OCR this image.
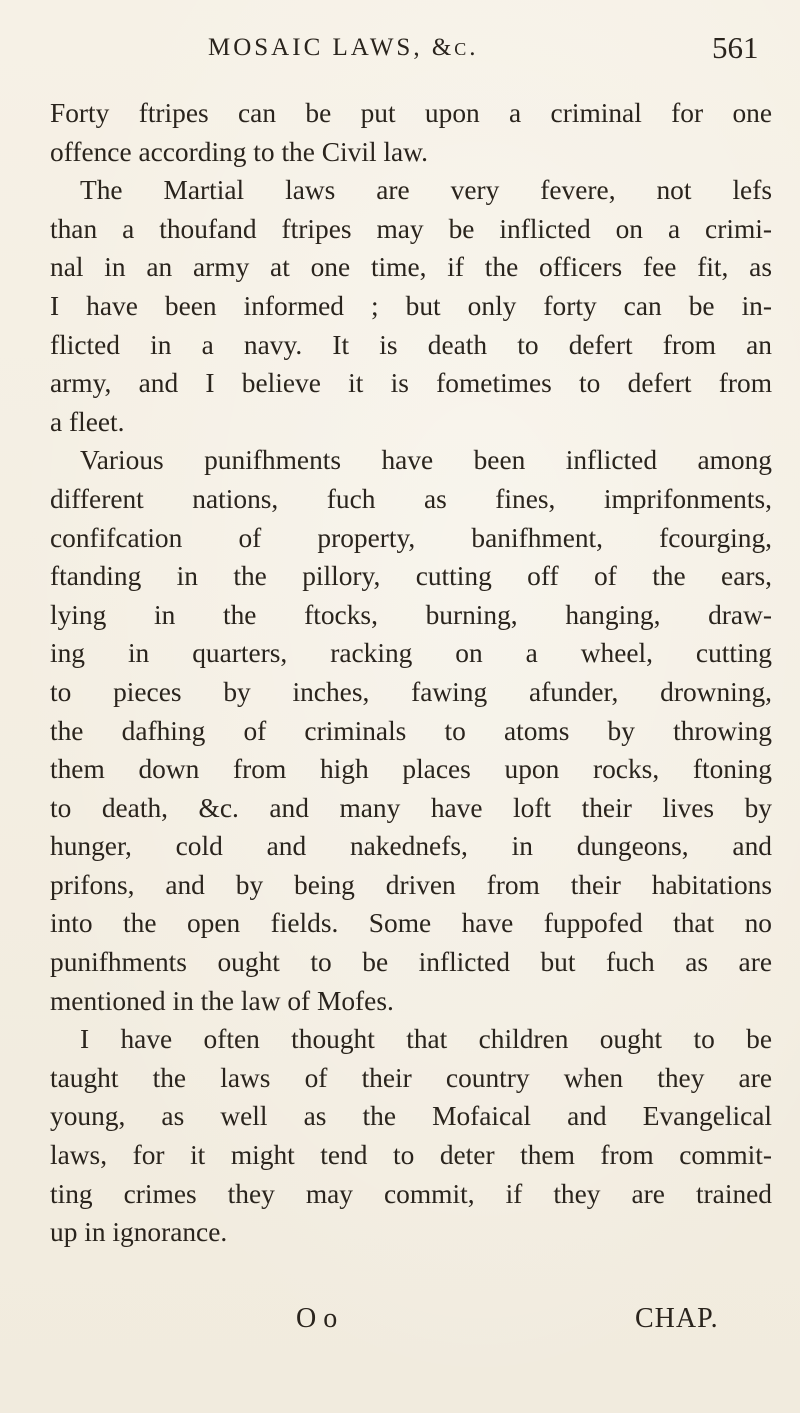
MOSAIC LAWS, &c.	561
Forty ftripes can be put upon a criminal for one
offence according to the Civil law.
The Martial laws are very fevere, not lefs
than a thoufand ftripes may be inflicted on a crimi-
nal in an army at one time, if the officers fee fit, as
I have been informed ; but only forty can be in-
flicted in a navy. It is death to defert from an
army, and I believe it is fometimes to defert from
a fleet.
Various punifhments have been inflicted among
different nations, fuch as fines, imprifonments,
confifcation of property, banifhment, fcourging,
ftanding in the pillory, cutting off of the ears,
lying in the ftocks, burning, hanging, draw-
ing in quarters, racking on a wheel, cutting
to pieces by inches, fawing afunder, drowning,
the dafhing of criminals to atoms by throwing
them down from high places upon rocks, ftoning
to death, &c. and many have loft their lives by
hunger, cold and nakednefs, in dungeons, and
prifons, and by being driven from their habitations
into the open fields. Some have fuppofed that no
punifhments ought to be inflicted but fuch as are
mentioned in the law of Mofes.
I have often thought that children ought to be
taught the laws of their country when they are
young, as well as the Mofaical and Evangelical
laws, for it might tend to deter them from commit-
ting crimes they may commit, if they are trained
up in ignorance.
O o	CHAP.
